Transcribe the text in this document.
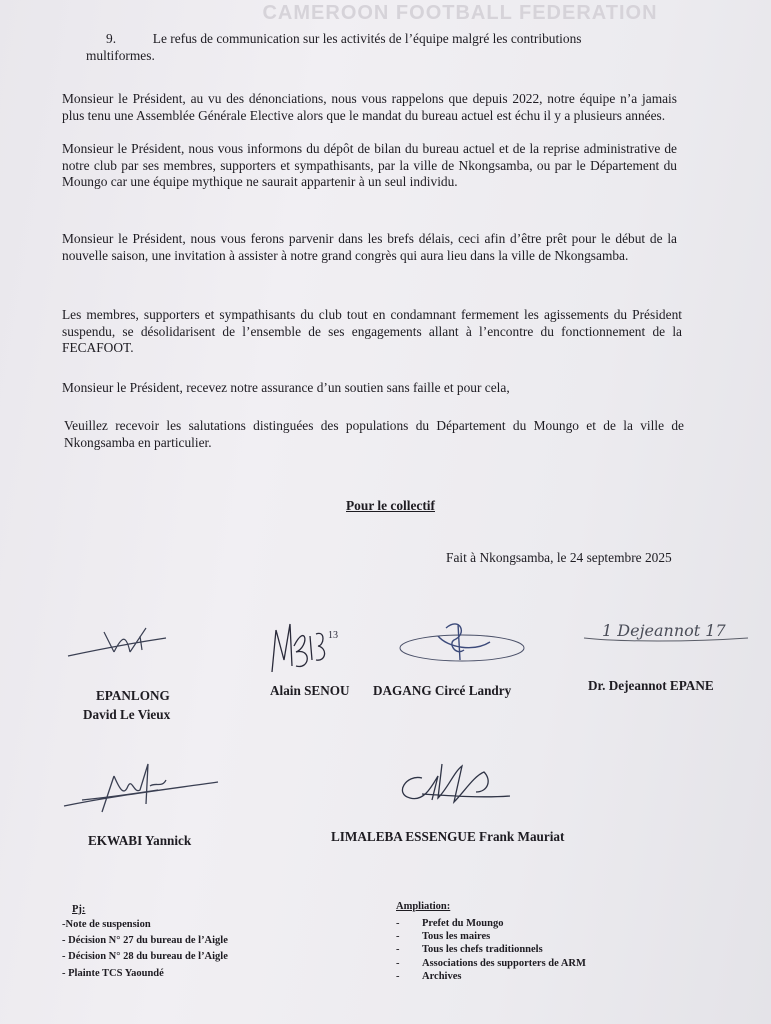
CAMEROON FOOTBALL FEDERATION
9.	Le refus de communication sur les activités de l’équipe malgré les contributions
multiformes.
Monsieur le Président, au vu des dénonciations, nous vous rappelons que depuis 2022, notre équipe n’a jamais plus tenu une Assemblée Générale Elective alors que le mandat du bureau actuel est échu il y a plusieurs années.
Monsieur le Président, nous vous informons du dépôt de bilan du bureau actuel et de la reprise administrative de notre club par ses membres, supporters et sympathisants, par la ville de Nkongsamba, ou par le Département du Moungo car une équipe mythique ne saurait appartenir à un seul individu.
Monsieur le Président, nous vous ferons parvenir dans les brefs délais, ceci afin d’être prêt pour le début de la nouvelle saison, une invitation à assister à notre grand congrès qui aura lieu dans la ville de Nkongsamba.
Les membres, supporters et sympathisants du club tout en condamnant fermement les agissements du Président suspendu, se désolidarisent de l’ensemble de ses engagements allant à l’encontre du fonctionnement de la FECAFOOT.
Monsieur le Président, recevez notre assurance d’un soutien sans faille et pour cela,
Veuillez recevoir les salutations distinguées des populations du Département du Moungo et de la ville de Nkongsamba en particulier.
Pour le collectif
Fait à Nkongsamba, le 24 septembre 2025
13	1 Dejeannot 17
EPANLONG
David Le Vieux
Alain SENOU DAGANG Circé Landry	Dr. Dejeannot EPANE
EKWABI Yannick	LIMALEBA ESSENGUE Frank Mauriat
Pj:
-Note de suspension
- Décision N° 27 du bureau de l’Aigle
- Décision N° 28 du bureau de l’Aigle
- Plainte TCS Yaoundé
Ampliation:
- Prefet du Moungo
- Tous les maires
- Tous les chefs traditionnels
- Associations des supporters de ARM
- Archives
